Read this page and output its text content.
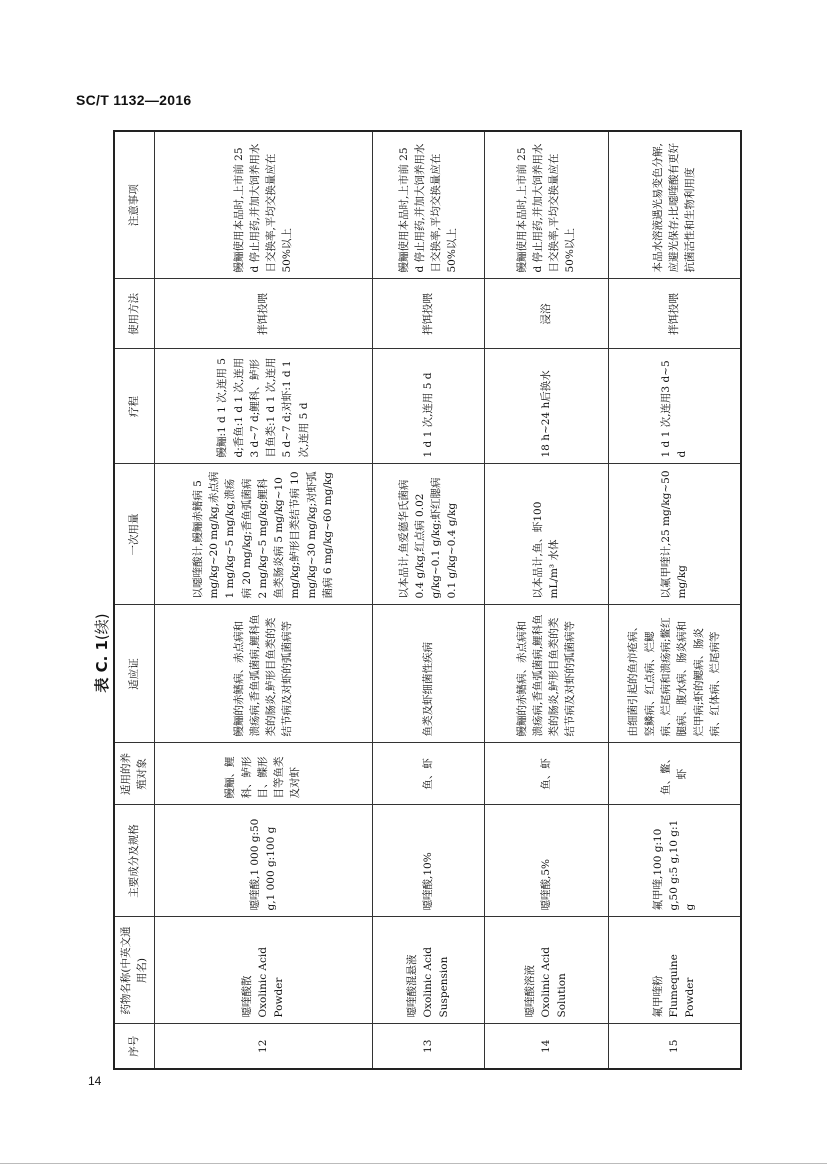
SC/T 1132—2016
表 C. 1(续)
序号	药物名称(中英文通用名)	主要成分及规格	适用的养殖对象	适应证	一次用量	疗程	使用方法	注意事项
12	噁喹酸散 Oxolinic Acid Powder	噁喹酸,1 000 g:50 g,1 000 g:100 g	鳗鲡、鲤科、鲈形目、鲽形目等鱼类及对虾	鳗鲡的赤鳍病、赤点病和溃疡病,香鱼弧菌病,鲤科鱼类的肠炎,鲈形目鱼类的类结节病及对虾的弧菌病等	以噁喹酸计,鳗鲡赤鳍病 5 mg/kg~20 mg/kg,赤点病1 mg/kg~5 mg/kg,溃疡病 20 mg/kg;香鱼弧菌病 2 mg/kg~5 mg/kg;鲤科鱼类肠炎病 5 mg/kg~10 mg/kg;鲈形目类结节病 10 mg/kg~30 mg/kg;对虾弧菌病 6 mg/kg~60 mg/kg	鳗鲡:1 d 1 次,连用 5 d;香鱼:1 d 1 次,连用 3 d~7 d;鲤科、鲈形目鱼类:1 d 1 次,连用5 d~7 d;对虾:1 d 1 次,连用 5 d	拌饵投喂	鳗鲡使用本品时,上市前 25 d 停止用药,并加大饲养用水日交换率,平均交换量应在 50%以上
13	噁喹酸混悬液 Oxolinic Acid Suspension	噁喹酸,10%	鱼、虾	鱼类及虾细菌性疾病	以本品计,鱼爱德华氏菌病 0.4 g/kg,红点病 0.02 g/kg~0.1 g/kg;虾红腮病0.1 g/kg~0.4 g/kg	1 d 1 次,连用 5 d	拌饵投喂	鳗鲡使用本品时,上市前 25 d 停止用药,并加大饲养用水日交换率,平均交换量应在 50%以上
14	噁喹酸溶液 Oxolinic Acid Solution	噁喹酸,5%	鱼、虾	鳗鲡的赤鳍病、赤点病和溃疡病,香鱼弧菌病,鲤科鱼类的肠炎,鲈形目鱼类的类结节病及对虾的弧菌病等	以本品计,鱼、虾100 mL/m³ 水体	18 h~24 h后换水	浸浴	鳗鲡使用本品时,上市前 25 d 停止用药,并加大饲养用水日交换率,平均交换量应在 50%以上
15	氟甲喹粉 Flumequine Powder	氟甲喹,100 g:10 g,50 g:5 g,10 g:1 g	鱼、鳖、虾	由细菌引起的鱼疖疮病、竖鳞病、红点病、烂鳃病、烂尾病和溃疡病;鳖红腿病、腹水病、肠炎病和烂甲病;虾的鳃病、肠炎病、红体病、烂尾病等	以氟甲喹计,25 mg/kg~50 mg/kg	1 d 1 次,连用3 d~5 d	拌饵投喂	本品水溶液遇光易变色分解,应避光保存;比噁喹酸有更好抗菌活性和生物利用度
14
